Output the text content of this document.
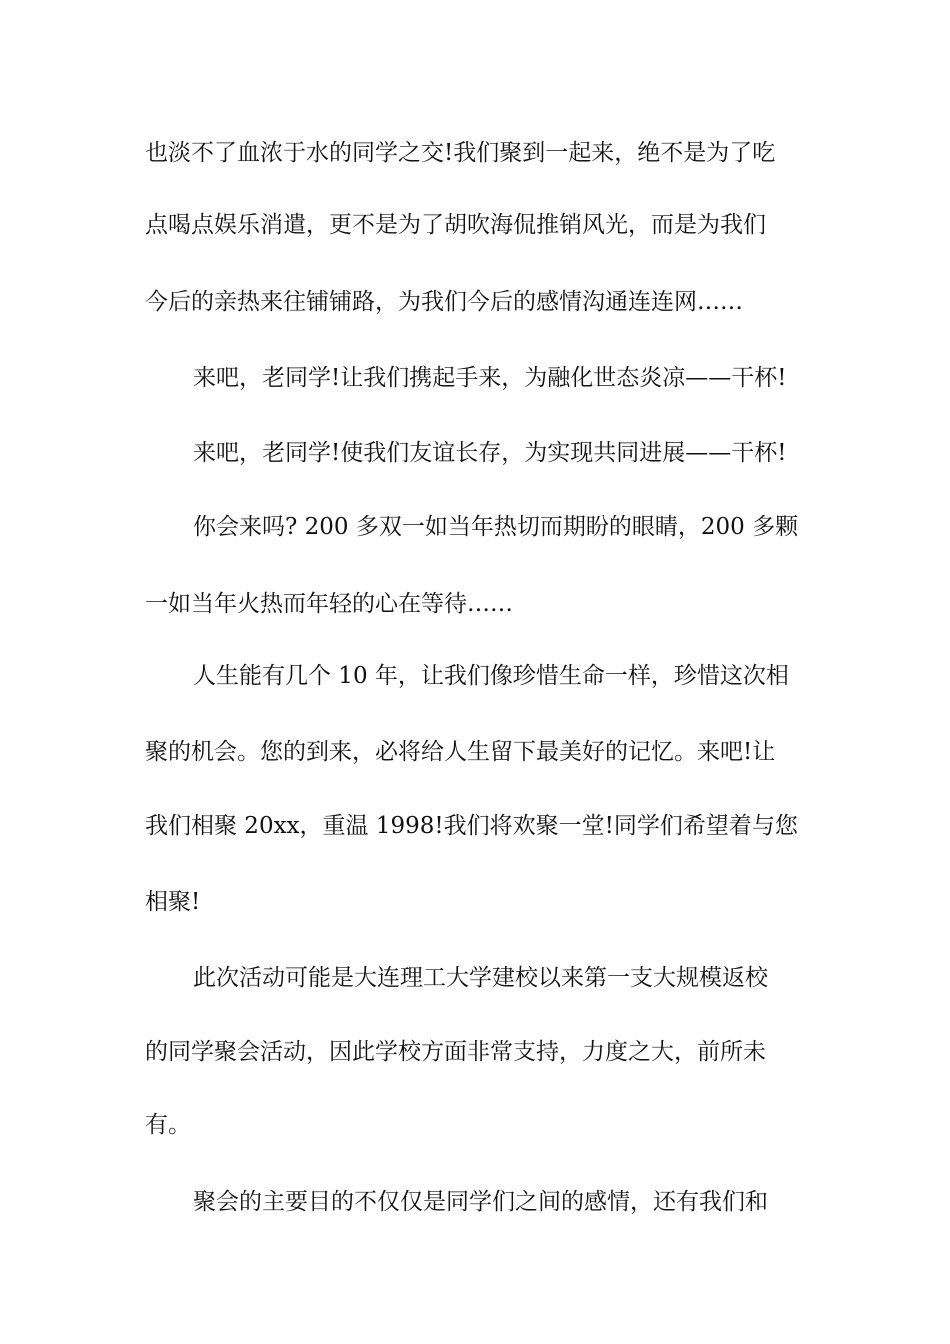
也淡不了血浓于水的同学之交!我们聚到一起来，绝不是为了吃
点喝点娱乐消遣，更不是为了胡吹海侃推销风光，而是为我们
今后的亲热来往铺铺路，为我们今后的感情沟通连连网……
来吧，老同学!让我们携起手来，为融化世态炎凉——干杯!
来吧，老同学!使我们友谊长存，为实现共同进展——干杯!
你会来吗? 200 多双一如当年热切而期盼的眼睛，200 多颗
一如当年火热而年轻的心在等待……
人生能有几个 10 年，让我们像珍惜生命一样，珍惜这次相
聚的机会。您的到来，必将给人生留下最美好的记忆。来吧!让
我们相聚 20xx，重温 1998!我们将欢聚一堂!同学们希望着与您
相聚!
此次活动可能是大连理工大学建校以来第一支大规模返校
的同学聚会活动，因此学校方面非常支持，力度之大，前所未
有。
聚会的主要目的不仅仅是同学们之间的感情，还有我们和
